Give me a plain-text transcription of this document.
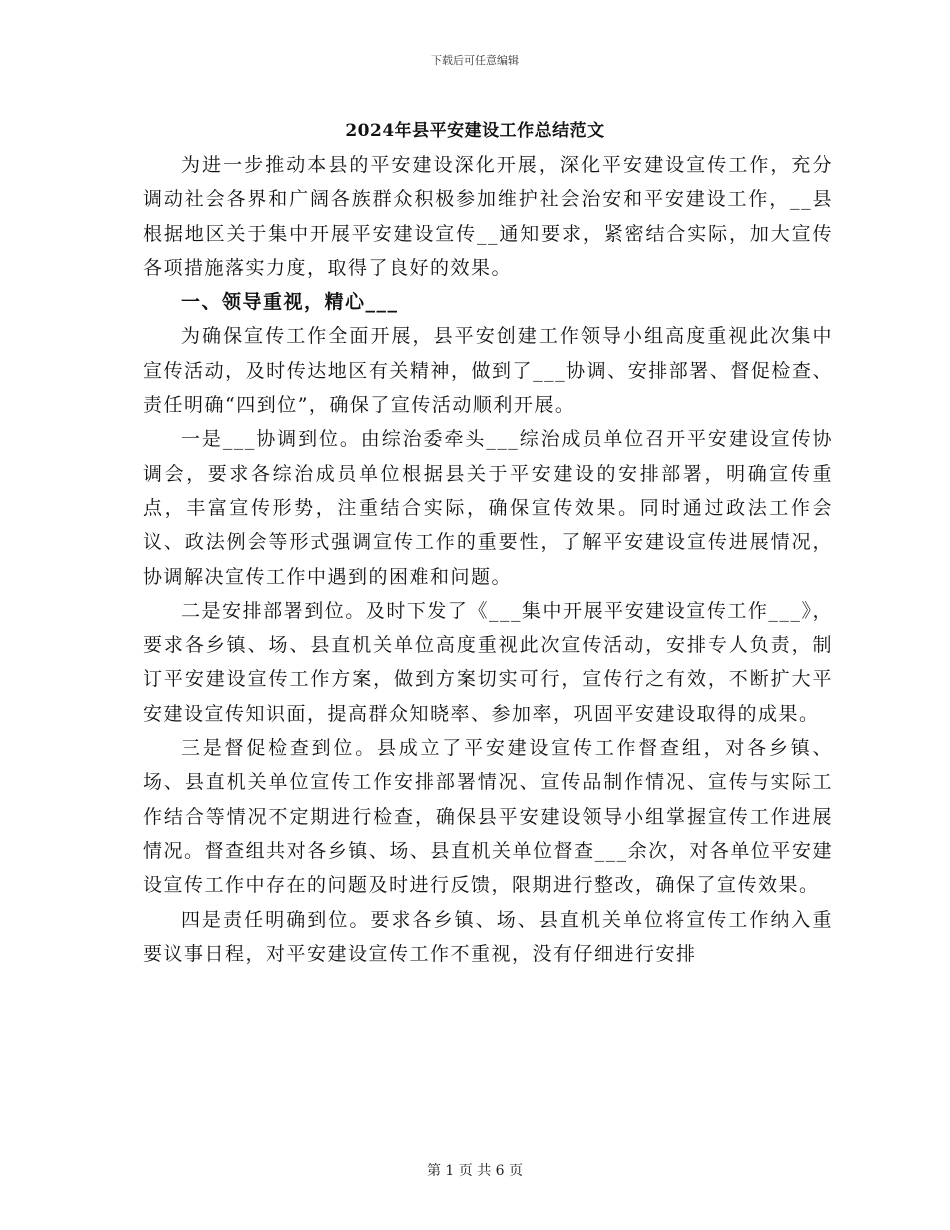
下载后可任意编辑
2024年县平安建设工作总结范文

为进一步推动本县的平安建设深化开展，深化平安建设宣传工作，充分调动社会各界和广阔各族群众积极参加维护社会治安和平安建设工作，__县根据地区关于集中开展平安建设宣传__通知要求，紧密结合实际，加大宣传各项措施落实力度，取得了良好的效果。

一、领导重视，精心___

为确保宣传工作全面开展，县平安创建工作领导小组高度重视此次集中宣传活动，及时传达地区有关精神，做到了___协调、安排部署、督促检查、责任明确“四到位”，确保了宣传活动顺利开展。

一是___协调到位。由综治委牵头___综治成员单位召开平安建设宣传协调会，要求各综治成员单位根据县关于平安建设的安排部署，明确宣传重点，丰富宣传形势，注重结合实际，确保宣传效果。同时通过政法工作会议、政法例会等形式强调宣传工作的重要性，了解平安建设宣传进展情况，协调解决宣传工作中遇到的困难和问题。

二是安排部署到位。及时下发了《___集中开展平安建设宣传工作___》，要求各乡镇、场、县直机关单位高度重视此次宣传活动，安排专人负责，制订平安建设宣传工作方案，做到方案切实可行，宣传行之有效，不断扩大平安建设宣传知识面，提高群众知晓率、参加率，巩固平安建设取得的成果。

三是督促检查到位。县成立了平安建设宣传工作督查组，对各乡镇、场、县直机关单位宣传工作安排部署情况、宣传品制作情况、宣传与实际工作结合等情况不定期进行检查，确保县平安建设领导小组掌握宣传工作进展情况。督查组共对各乡镇、场、县直机关单位督查___余次，对各单位平安建设宣传工作中存在的问题及时进行反馈，限期进行整改，确保了宣传效果。

四是责任明确到位。要求各乡镇、场、县直机关单位将宣传工作纳入重要议事日程，对平安建设宣传工作不重视，没有仔细进行安排

第 1 页 共 6 页
